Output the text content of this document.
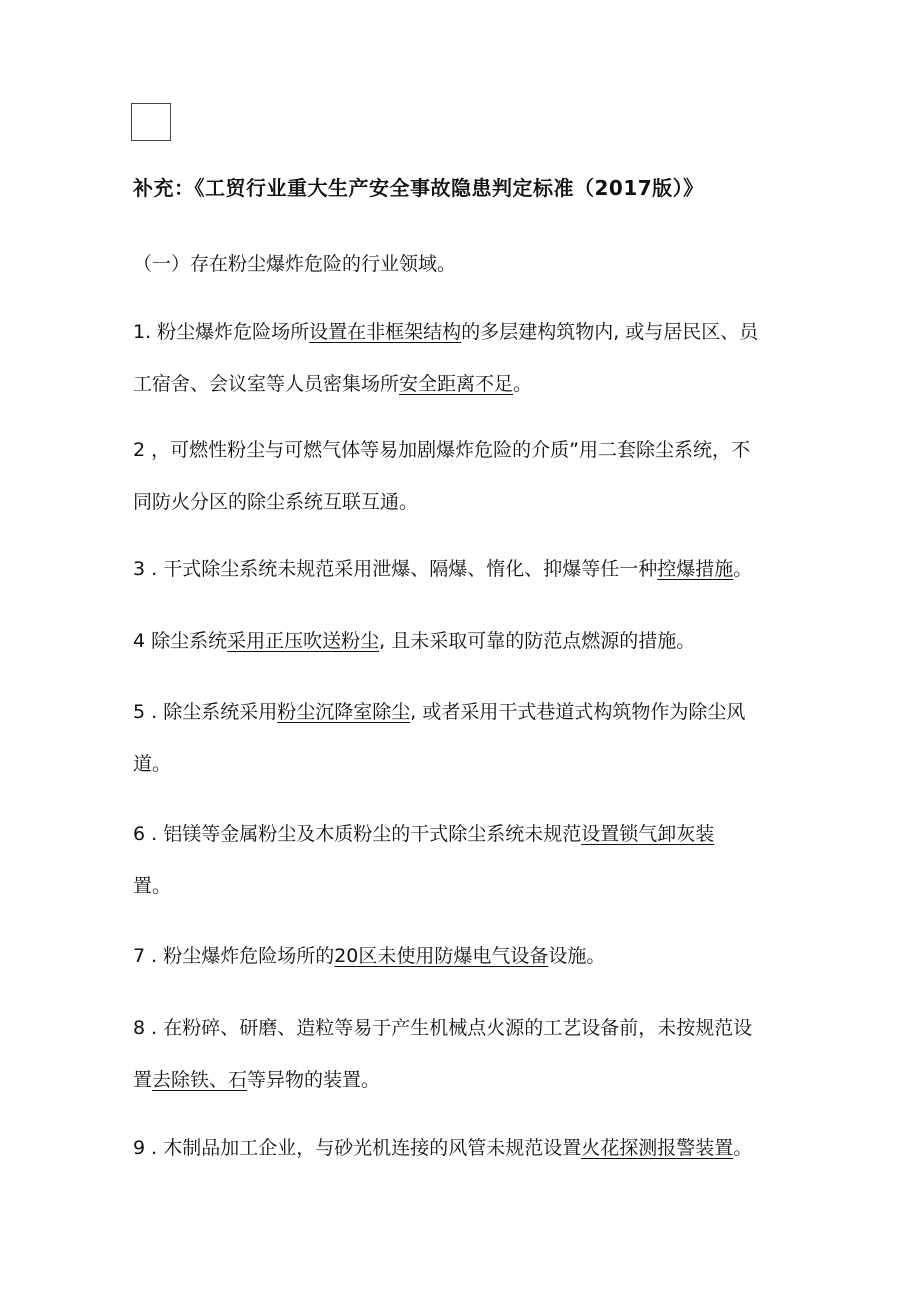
补充：《工贸行业重大生产安全事故隐患判定标准（2017版）》
（一）存在粉尘爆炸危险的行业领域。
1. 粉尘爆炸危险场所设置在非框架结构的多层建构筑物内, 或与居民区、员
工宿舍、会议室等人员密集场所安全距离不足。
2 ，可燃性粉尘与可燃气体等易加剧爆炸危险的介质”用二套除尘系统，不
同防火分区的除尘系统互联互通。
3 . 干式除尘系统未规范采用泄爆、隔爆、惰化、抑爆等任一种控爆措施。
4 除尘系统采用正压吹送粉尘, 且未采取可靠的防范点燃源的措施。
5 . 除尘系统采用粉尘沉降室除尘, 或者采用干式巷道式构筑物作为除尘风
道。
6 . 铝镁等金属粉尘及木质粉尘的干式除尘系统未规范设置锁气卸灰装
置。
7 . 粉尘爆炸危险场所的20区未使用防爆电气设备设施。
8 . 在粉碎、研磨、造粒等易于产生机械点火源的工艺设备前，未按规范设
置去除铁、石等异物的装置。
9 . 木制品加工企业，与砂光机连接的风管未规范设置火花探测报警装置。
